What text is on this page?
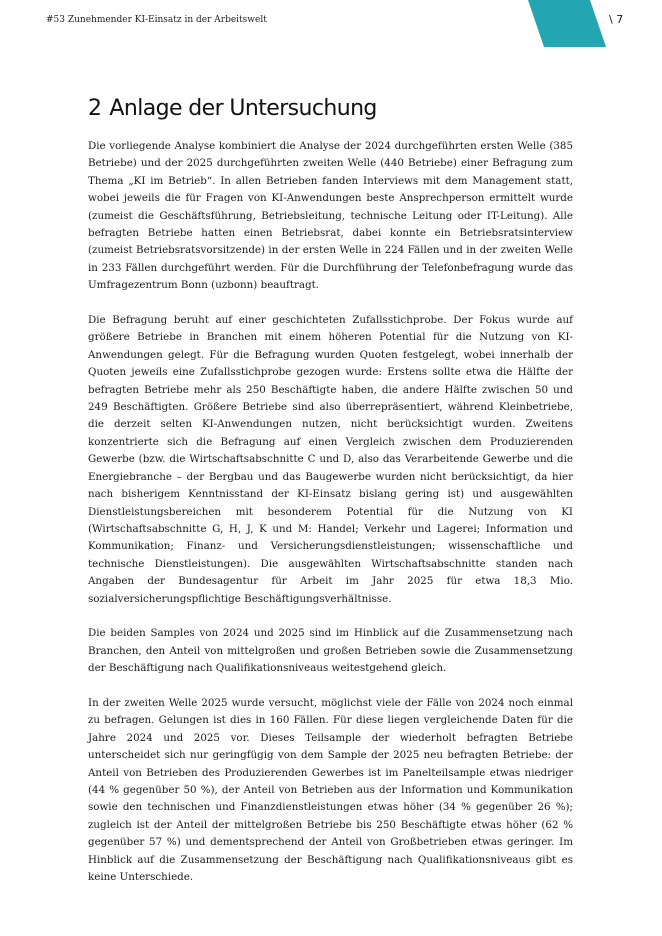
#53 Zunehmender KI-Einsatz in der Arbeitswelt	\ 7
2 Anlage der Untersuchung

Die vorliegende Analyse kombiniert die Analyse der 2024 durchgeführten ersten Welle (385 Betriebe) und der 2025 durchgeführten zweiten Welle (440 Betriebe) einer Befragung zum Thema „KI im Betrieb“. In allen Betrieben fanden Interviews mit dem Management statt, wobei jeweils die für Fragen von KI-Anwendungen beste Ansprechperson ermittelt wurde (zumeist die Geschäftsführung, Betriebsleitung, technische Leitung oder IT-Leitung). Alle befragten Betriebe hatten einen Betriebsrat, dabei konnte ein Betriebsratsinterview (zumeist Betriebsratsvorsitzende) in der ersten Welle in 224 Fällen und in der zweiten Welle in 233 Fällen durchgeführt werden. Für die Durchführung der Telefonbefragung wurde das Umfragezentrum Bonn (uzbonn) beauftragt.

Die Befragung beruht auf einer geschichteten Zufallsstichprobe. Der Fokus wurde auf größere Betriebe in Branchen mit einem höheren Potential für die Nutzung von KI-Anwendungen gelegt. Für die Befragung wurden Quoten festgelegt, wobei innerhalb der Quoten jeweils eine Zufallsstichprobe gezogen wurde: Erstens sollte etwa die Hälfte der befragten Betriebe mehr als 250 Beschäftigte haben, die andere Hälfte zwischen 50 und 249 Beschäftigten. Größere Betriebe sind also überrepräsentiert, während Kleinbetriebe, die derzeit selten KI-Anwendungen nutzen, nicht berücksichtigt wurden. Zweitens konzentrierte sich die Befragung auf einen Vergleich zwischen dem Produzierenden Gewerbe (bzw. die Wirtschaftsabschnitte C und D, also das Verarbeitende Gewerbe und die Energiebranche – der Bergbau und das Baugewerbe wurden nicht berücksichtigt, da hier nach bisherigem Kenntnisstand der KI-Einsatz bislang gering ist) und ausgewählten Dienstleistungsbereichen mit besonderem Potential für die Nutzung von KI (Wirtschaftsabschnitte G, H, J, K und M: Handel; Verkehr und Lagerei; Information und Kommunikation; Finanz- und Versicherungsdienstleistungen; wissenschaftliche und technische Dienstleistungen). Die ausgewählten Wirtschaftsabschnitte standen nach Angaben der Bundesagentur für Arbeit im Jahr 2025 für etwa 18,3 Mio. sozialversicherungspflichtige Beschäftigungsverhältnisse.

Die beiden Samples von 2024 und 2025 sind im Hinblick auf die Zusammensetzung nach Branchen, den Anteil von mittelgroßen und großen Betrieben sowie die Zusammensetzung der Beschäftigung nach Qualifikationsniveaus weitestgehend gleich.

In der zweiten Welle 2025 wurde versucht, möglichst viele der Fälle von 2024 noch einmal zu befragen. Gelungen ist dies in 160 Fällen. Für diese liegen vergleichende Daten für die Jahre 2024 und 2025 vor. Dieses Teilsample der wiederholt befragten Betriebe unterscheidet sich nur geringfügig von dem Sample der 2025 neu befragten Betriebe: der Anteil von Betrieben des Produzierenden Gewerbes ist im Panelteilsample etwas niedriger (44 % gegenüber 50 %), der Anteil von Betrieben aus der Information und Kommunikation sowie den technischen und Finanzdienstleistungen etwas höher (34 % gegenüber 26 %); zugleich ist der Anteil der mittelgroßen Betriebe bis 250 Beschäftigte etwas höher (62 % gegenüber 57 %) und dementsprechend der Anteil von Großbetrieben etwas geringer. Im Hinblick auf die Zusammensetzung der Beschäftigung nach Qualifikationsniveaus gibt es keine Unterschiede.
